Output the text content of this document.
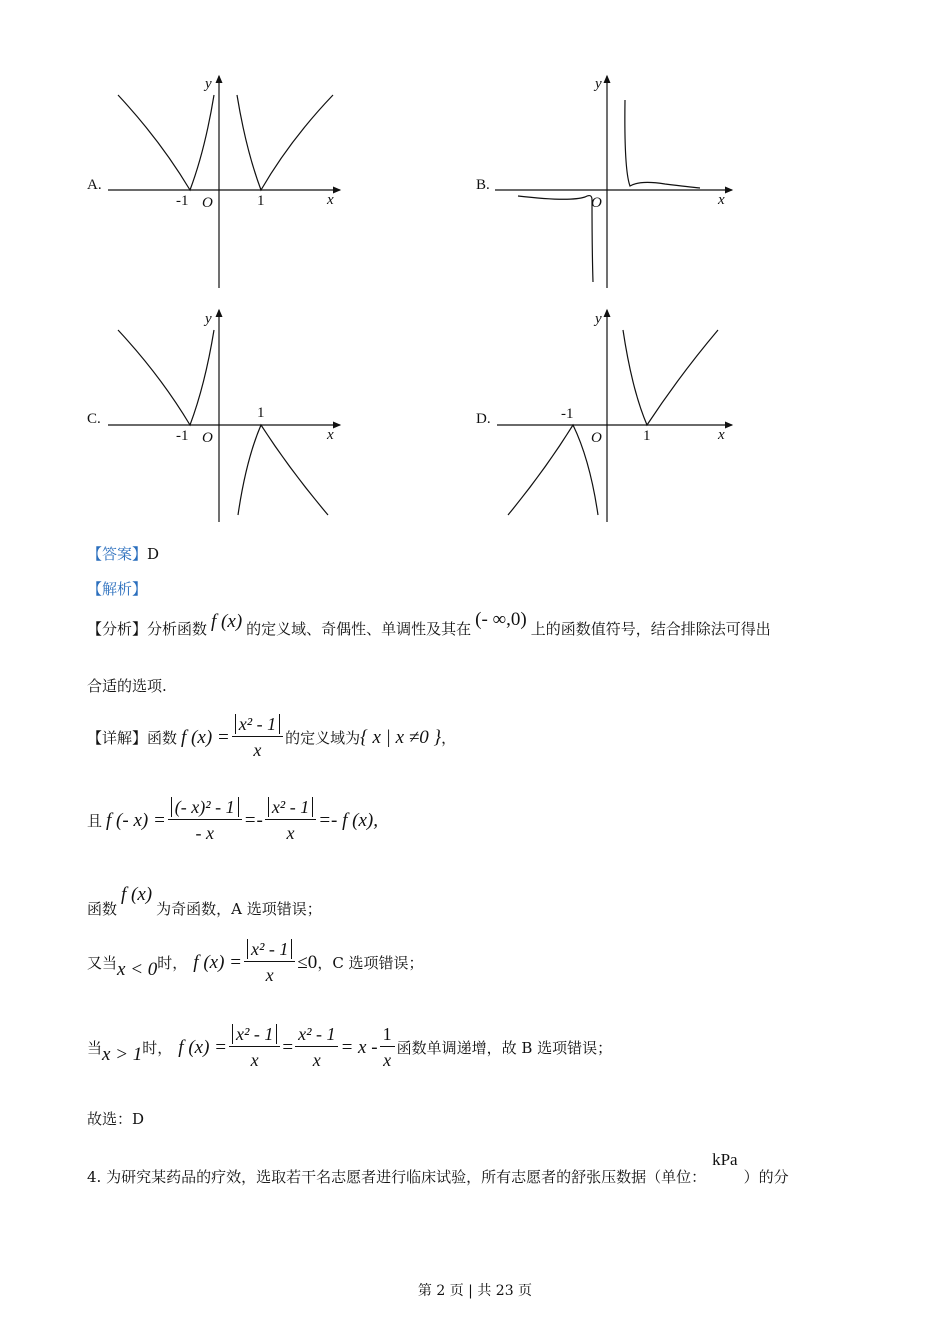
A.
-1	1
O	x
y
B.
O	x
y
C.
-1
1
O	x
y
D.	-1
1
O	x
y
【答案】 D
【解析】
【分析】 分析函数 f (x) 的定义域、奇偶性、单调性及其在 (- ∞,0) 上的函数值符号，结合排除法可得出
合适的选项.
【详解】 函数 f $(x) = \frac{\text{x² - 1}}{x}$ 的定义域为 { x | x ≠0 } ，
且 f (- $x) = \frac{\text{(- x)² - 1}}{- x} =- \frac{\text{x² - 1}}{x} =- f$ (x),
函数
f (x)
为奇函数，A 选项错误；
又当 x < 0 时， f $(x) = \frac{\text{x² - 1}}{x} \le 0$ ，C 选项错误；
当 x > 1 时， f $(x) = \frac{\text{x² - 1}}{x} = \frac{\text{x² - 1}}{x} = x - \frac{1}{x}$ 函数单调递增，故 B 选项错误；
故选：D
4. 为研究某药品的疗效，选取若干名志愿者进行临床试验，所有志愿者的舒张压数据（单位：
kPa
）的分
第 2 页 | 共 23 页
